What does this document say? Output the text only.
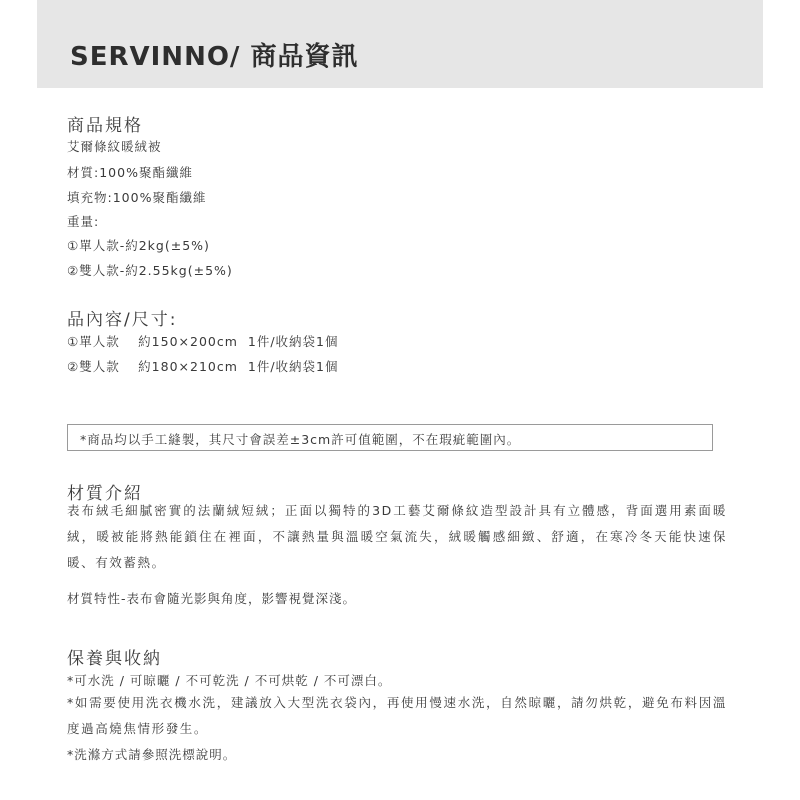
SERVINNO/ 商品資訊
商品規格
艾爾條紋暖絨被
材質:100%聚酯纖維
填充物:100%聚酯纖維
重量:
①單人款-約2kg(±5%)
②雙人款-約2.55kg(±5%)
品內容/尺寸:
①單人款　 約150×200cm  1件/收納袋1個
②雙人款　 約180×210cm  1件/收納袋1個
*商品均以手工縫製，其尺寸會誤差±3cm許可值範圍，不在瑕疵範圍內。
材質介紹
表布絨毛細膩密實的法蘭絨短絨；正面以獨特的3D工藝艾爾條紋造型設計具有立體感，背面選用素面暖絨，暖被能將熱能鎖住在裡面，不讓熱量與溫暖空氣流失，絨暖觸感細緻、舒適，在寒冷冬天能快速保暖、有效蓄熱。
材質特性-表布會隨光影與角度，影響視覺深淺。
保養與收納
*可水洗 / 可晾曬 / 不可乾洗 / 不可烘乾 / 不可漂白。
*如需要使用洗衣機水洗，建議放入大型洗衣袋內，再使用慢速水洗，自然晾曬，請勿烘乾，避免布料因溫度過高燒焦情形發生。
*洗滌方式請參照洗標說明。
